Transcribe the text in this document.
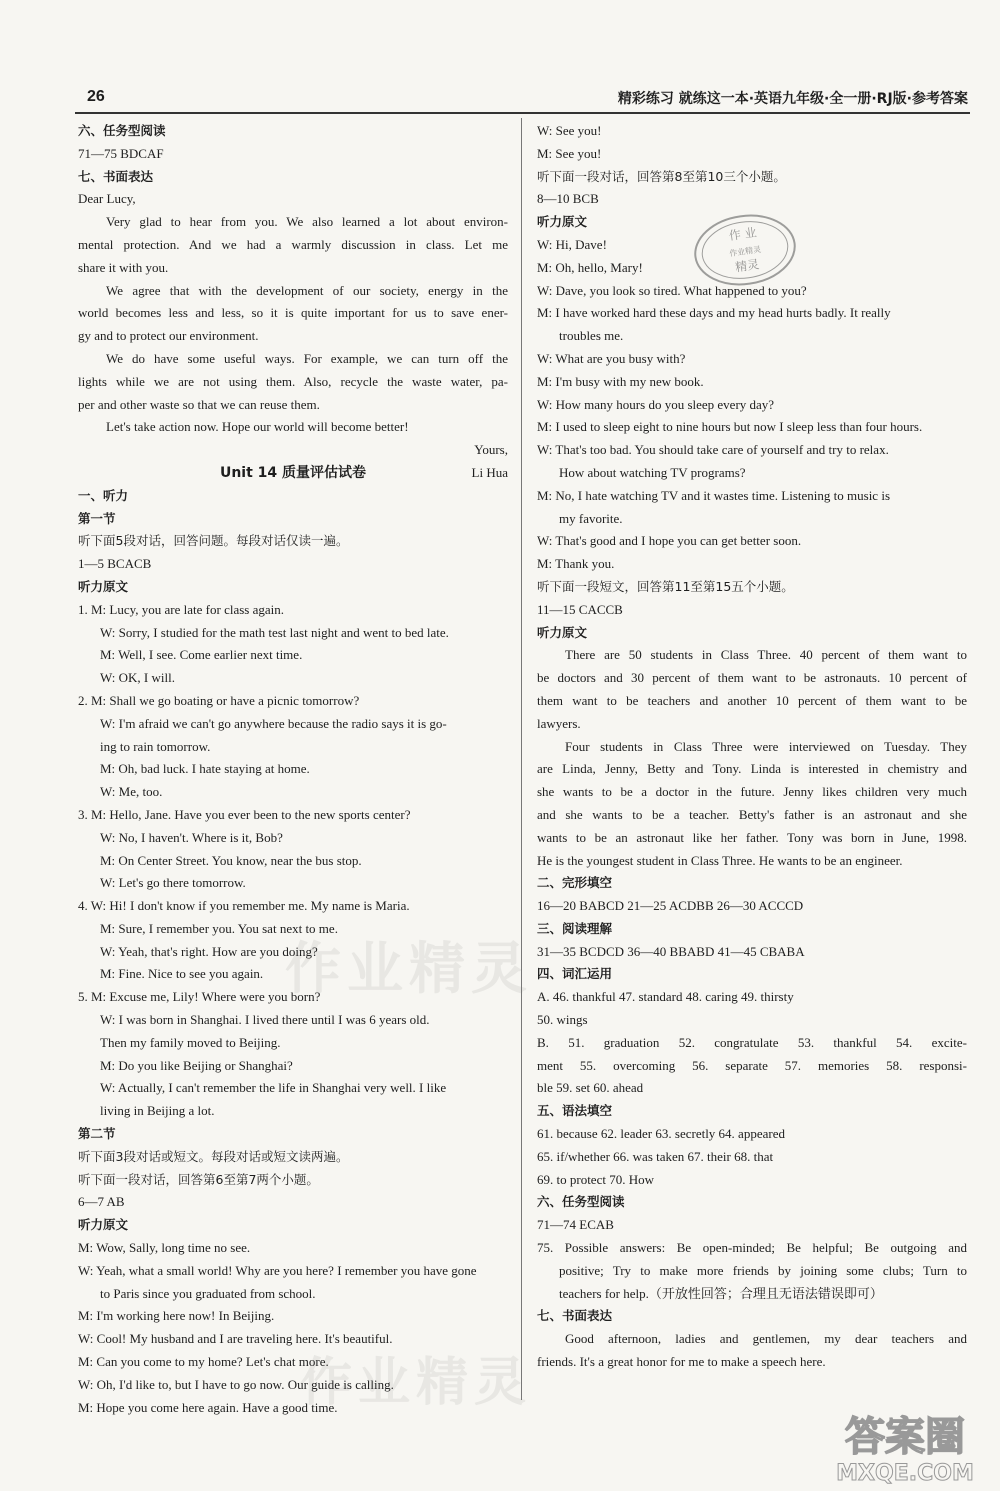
26	精彩练习 就练这一本·英语九年级·全一册·RJ版·参考答案
六、任务型阅读
71—75 BDCAF
七、书面表达
Dear Lucy,
Very glad to hear from you. We also learned a lot about environ-
mental protection. And we had a warmly discussion in class. Let me
share it with you.
We agree that with the development of our society, energy in the
world becomes less and less, so it is quite important for us to save ener-
gy and to protect our environment.
We do have some useful ways. For example, we can turn off the
lights while we are not using them. Also, recycle the waste water, pa-
per and other waste so that we can reuse them.
Let's take action now. Hope our world will become better!
Yours,
Unit 14 质量评估试卷	Li Hua
一、听力
第一节
听下面5段对话，回答问题。每段对话仅读一遍。
1—5 BCACB
听力原文
1. M: Lucy, you are late for class again.
W: Sorry, I studied for the math test last night and went to bed late.
M: Well, I see. Come earlier next time.
W: OK, I will.
2. M: Shall we go boating or have a picnic tomorrow?
W: I'm afraid we can't go anywhere because the radio says it is go-
ing to rain tomorrow.
M: Oh, bad luck. I hate staying at home.
W: Me, too.
3. M: Hello, Jane. Have you ever been to the new sports center?
W: No, I haven't. Where is it, Bob?
M: On Center Street. You know, near the bus stop.
W: Let's go there tomorrow.
4. W: Hi! I don't know if you remember me. My name is Maria.
M: Sure, I remember you. You sat next to me.
W: Yeah, that's right. How are you doing?
M: Fine. Nice to see you again.
5. M: Excuse me, Lily! Where were you born?
W: I was born in Shanghai. I lived there until I was 6 years old.
Then my family moved to Beijing.
M: Do you like Beijing or Shanghai?
W: Actually, I can't remember the life in Shanghai very well. I like
living in Beijing a lot.
第二节
听下面3段对话或短文。每段对话或短文读两遍。
听下面一段对话，回答第6至第7两个小题。
6—7 AB
听力原文
M: Wow, Sally, long time no see.
W: Yeah, what a small world! Why are you here? I remember you have gone
to Paris since you graduated from school.
M: I'm working here now! In Beijing.
W: Cool! My husband and I are traveling here. It's beautiful.
M: Can you come to my home? Let's chat more.
W: Oh, I'd like to, but I have to go now. Our guide is calling.
M: Hope you come here again. Have a good time.
W: See you!
M: See you!
听下面一段对话，回答第8至第10三个小题。
8—10 BCB
听力原文
W: Hi, Dave!
M: Oh, hello, Mary!
W: Dave, you look so tired. What happened to you?
M: I have worked hard these days and my head hurts badly. It really
troubles me.
W: What are you busy with?
M: I'm busy with my new book.
W: How many hours do you sleep every day?
M: I used to sleep eight to nine hours but now I sleep less than four hours.
W: That's too bad. You should take care of yourself and try to relax.
How about watching TV programs?
M: No, I hate watching TV and it wastes time. Listening to music is
my favorite.
W: That's good and I hope you can get better soon.
M: Thank you.
听下面一段短文，回答第11至第15五个小题。
11—15 CACCB
听力原文
There are 50 students in Class Three. 40 percent of them want to
be doctors and 30 percent of them want to be astronauts. 10 percent of
them want to be teachers and another 10 percent of them want to be
lawyers.
Four students in Class Three were interviewed on Tuesday. They
are Linda, Jenny, Betty and Tony. Linda is interested in chemistry and
she wants to be a doctor in the future. Jenny likes children very much
and she wants to be a teacher. Betty's father is an astronaut and she
wants to be an astronaut like her father. Tony was born in June, 1998.
He is the youngest student in Class Three. He wants to be an engineer.
二、完形填空
16—20 BABCD 21—25 ACDBB 26—30 ACCCD
三、阅读理解
31—35 BCDCD 36—40 BBABD 41—45 CBABA
四、词汇运用
A. 46. thankful 47. standard 48. caring 49. thirsty
50. wings
B. 51. graduation 52. congratulate 53. thankful 54. excite-
ment 55. overcoming 56. separate 57. memories 58. responsi-
ble 59. set 60. ahead
五、语法填空
61. because 62. leader 63. secretly 64. appeared
65. if/whether 66. was taken 67. their 68. that
69. to protect 70. How
六、任务型阅读
71—74 ECAB
75. Possible answers: Be open-minded; Be helpful; Be outgoing and
positive; Try to make more friends by joining some clubs; Turn to
teachers for help.（开放性回答；合理且无语法错误即可）
七、书面表达
Good afternoon, ladies and gentlemen, my dear teachers and
friends. It's a great honor for me to make a speech here.
作 业
作业精灵
精灵
作业精灵
作业精灵
答案圈
MXQE.COM
